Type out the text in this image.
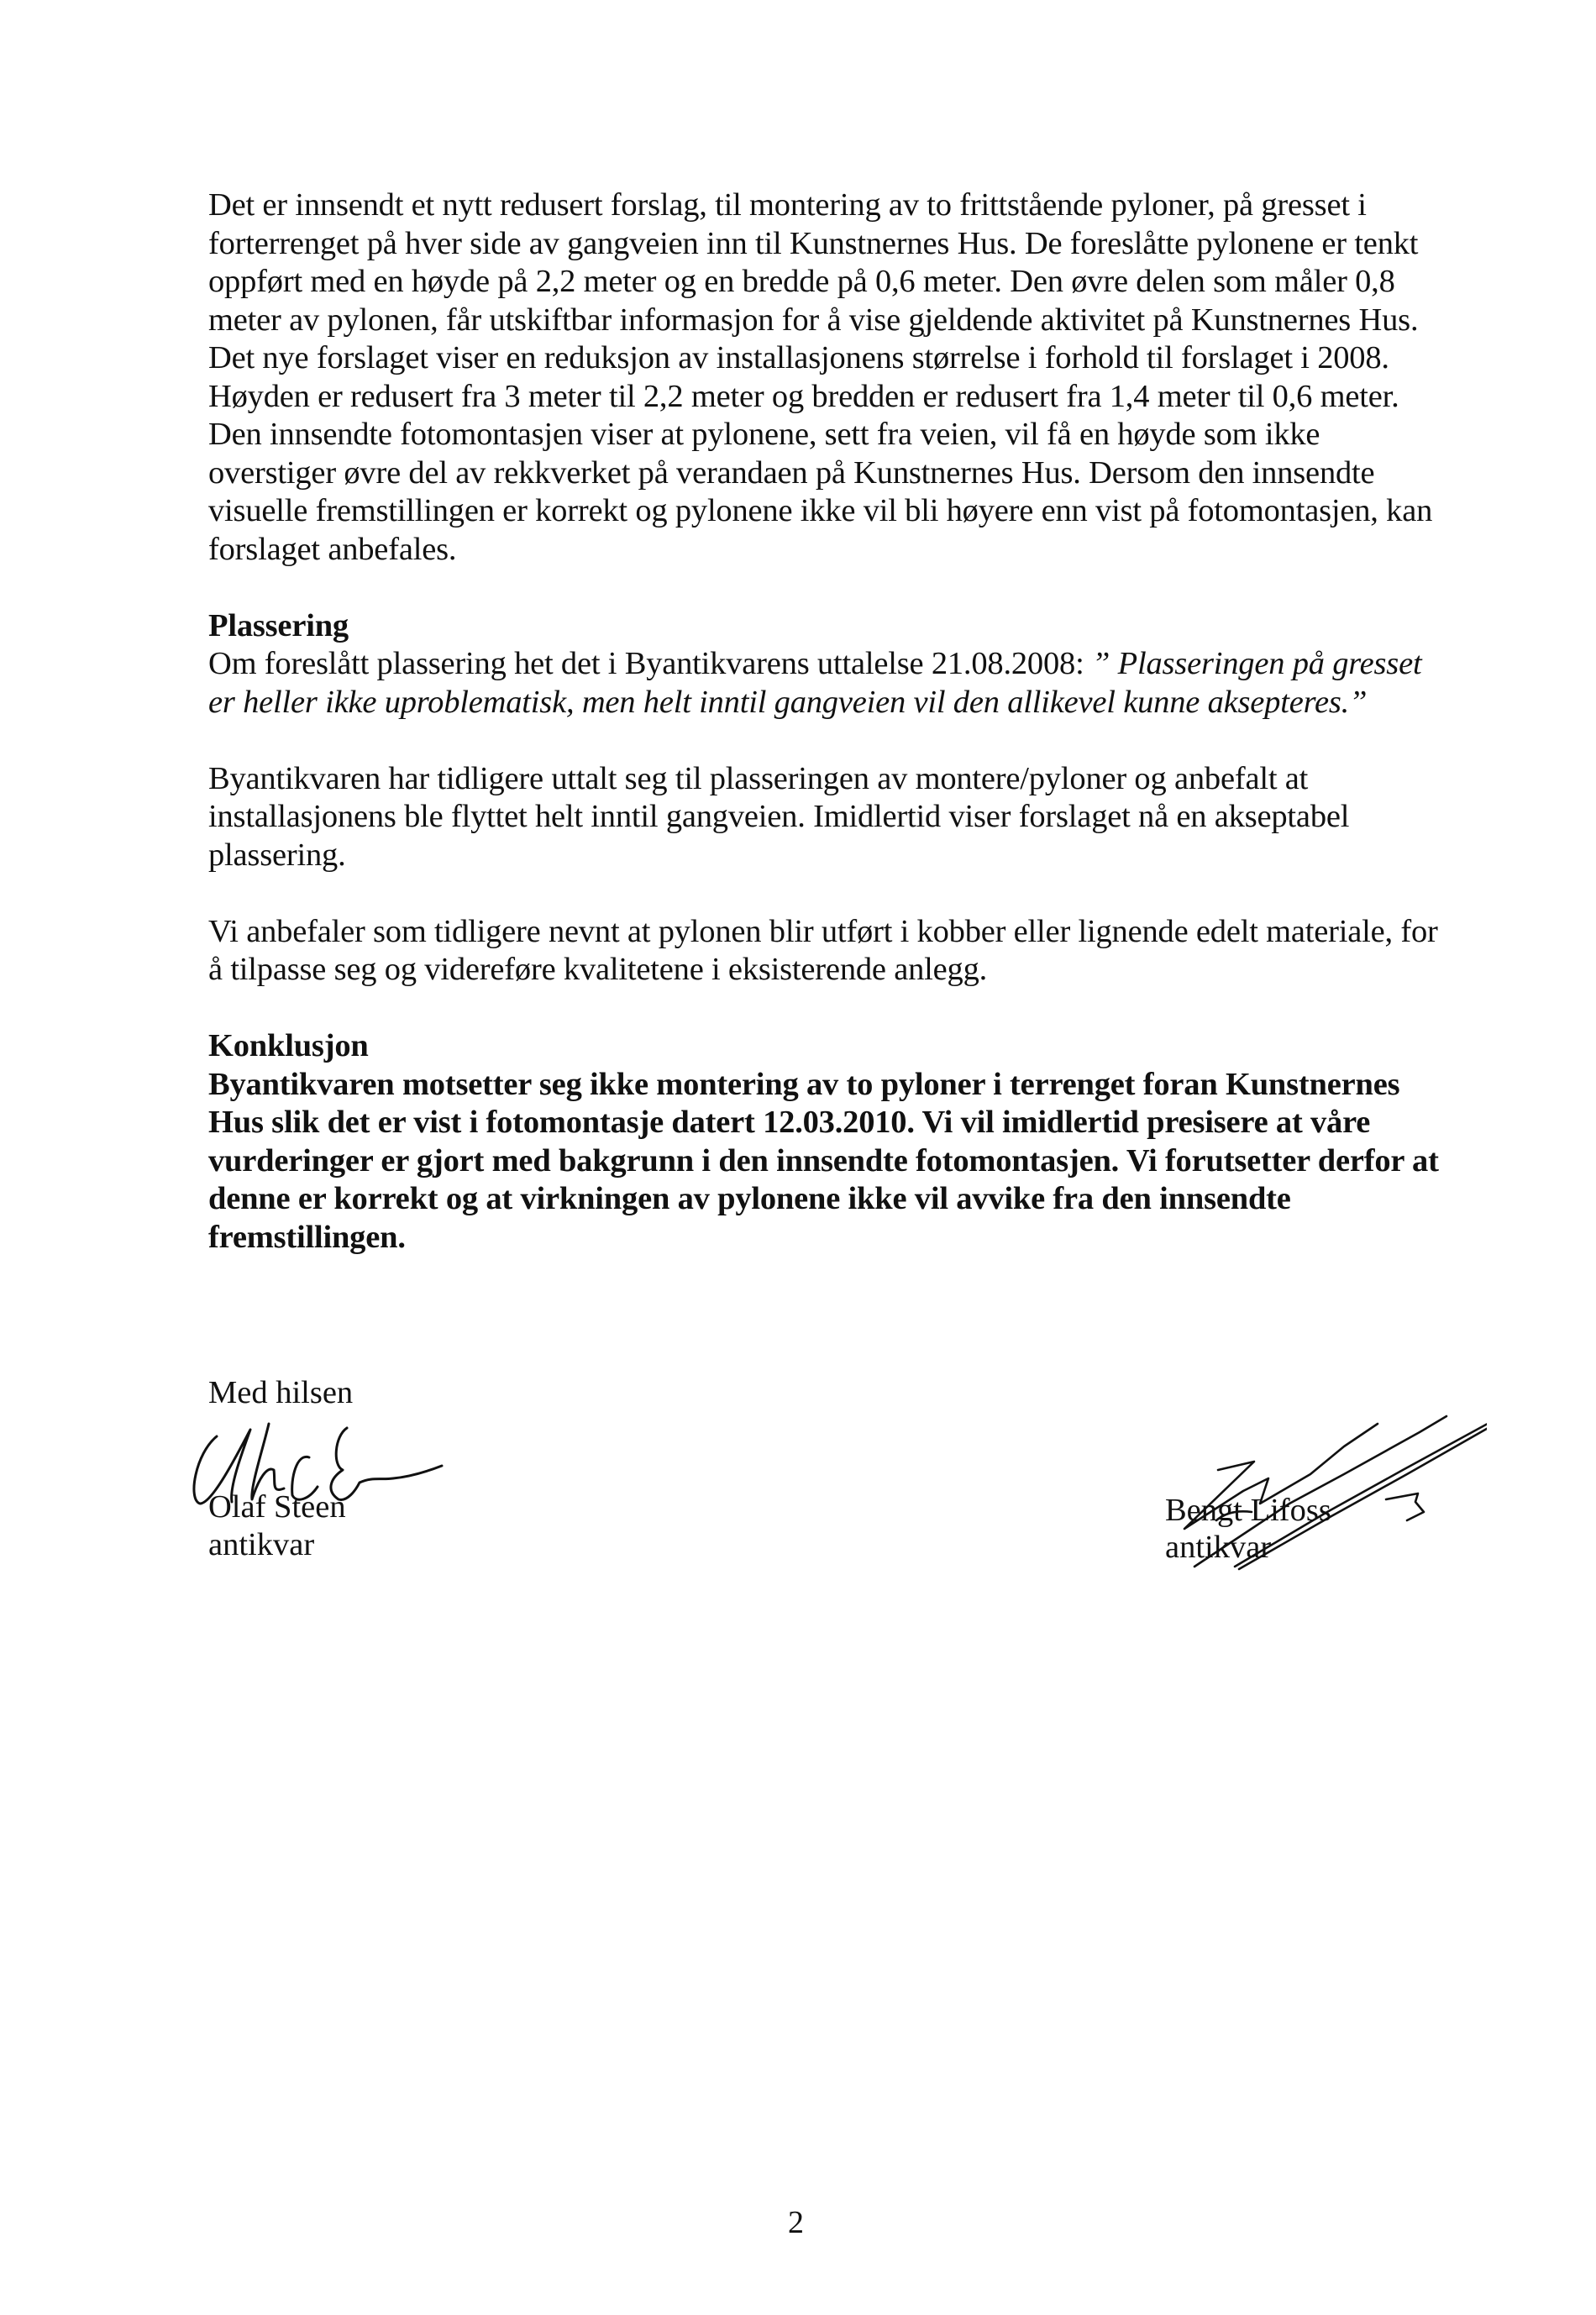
Det er innsendt et nytt redusert forslag, til montering av to frittstående pyloner, på gresset i forterrenget på hver side av gangveien inn til Kunstnernes Hus. De foreslåtte pylonene er tenkt oppført med en høyde på 2,2 meter og en bredde på 0,6 meter. Den øvre delen som måler 0,8 meter av pylonen, får utskiftbar informasjon for å vise gjeldende aktivitet på Kunstnernes Hus. Det nye forslaget viser en reduksjon av installasjonens størrelse i forhold til forslaget i 2008. Høyden er redusert fra 3 meter til 2,2 meter og bredden er redusert fra 1,4 meter til 0,6 meter. Den innsendte fotomontasjen viser at pylonene, sett fra veien, vil få en høyde som ikke overstiger øvre del av rekkverket på verandaen på Kunstnernes Hus. Dersom den innsendte visuelle fremstillingen er korrekt og pylonene ikke vil bli høyere enn vist på fotomontasjen, kan forslaget anbefales.

Plassering
Om foreslått plassering het det i Byantikvarens uttalelse 21.08.2008: ” Plasseringen på gresset er heller ikke uproblematisk, men helt inntil gangveien vil den allikevel kunne aksepteres.”

Byantikvaren har tidligere uttalt seg til plasseringen av montere/pyloner og anbefalt at installasjonens ble flyttet helt inntil gangveien. Imidlertid viser forslaget nå en akseptabel plassering.

Vi anbefaler som tidligere nevnt at pylonen blir utført i kobber eller lignende edelt materiale, for å tilpasse seg og videreføre kvalitetene i eksisterende anlegg.

Konklusjon
Byantikvaren motsetter seg ikke montering av to pyloner i terrenget foran Kunstnernes Hus slik det er vist i fotomontasje datert 12.03.2010. Vi vil imidlertid presisere at våre vurderinger er gjort med bakgrunn i den innsendte fotomontasjen. Vi forutsetter derfor at denne er korrekt og at virkningen av pylonene ikke vil avvike fra den innsendte fremstillingen.

Med hilsen
Olaf Steen
antikvar
Bengt Lifoss
antikvar
2
